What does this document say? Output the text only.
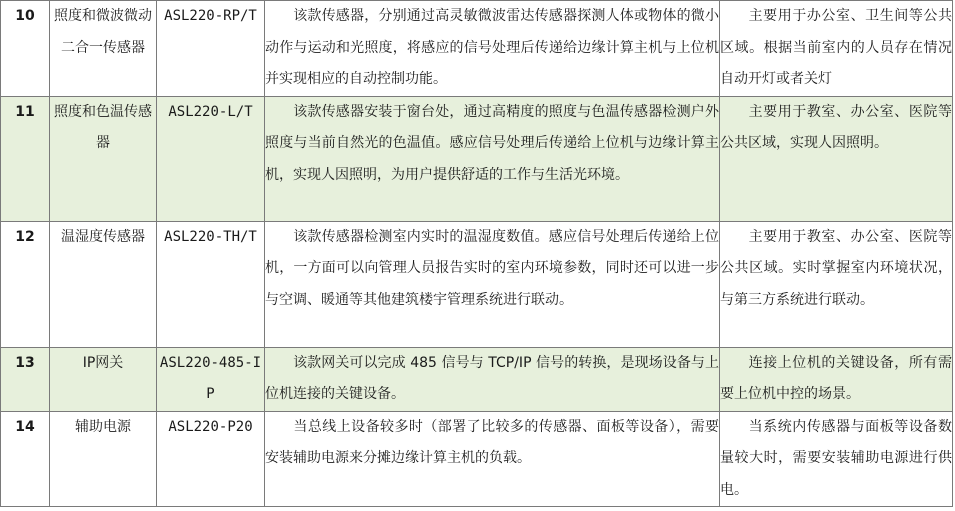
10	照度和微波微动二合一传感器	ASL220-RP/T	该款传感器，分别通过高灵敏微波雷达传感器探测人体或物体的微小动作与运动和光照度，将感应的信号处理后传递给边缘计算主机与上位机并实现相应的自动控制功能。	主要用于办公室、卫生间等公共区域。根据当前室内的人员存在情况自动开灯或者关灯
11	照度和色温传感器	ASL220-L/T	该款传感器安装于窗台处，通过高精度的照度与色温传感器检测户外照度与当前自然光的色温值。感应信号处理后传递给上位机与边缘计算主机，实现人因照明，为用户提供舒适的工作与生活光环境。	主要用于教室、办公室、医院等公共区域，实现人因照明。
12	温湿度传感器	ASL220-TH/T	该款传感器检测室内实时的温湿度数值。感应信号处理后传递给上位机，一方面可以向管理人员报告实时的室内环境参数，同时还可以进一步与空调、暖通等其他建筑楼宇管理系统进行联动。	主要用于教室、办公室、医院等公共区域。实时掌握室内环境状况，与第三方系统进行联动。
13	IP网关	ASL220-485-IP	该款网关可以完成 485 信号与 TCP/IP 信号的转换，是现场设备与上位机连接的关键设备。	连接上位机的关键设备，所有需要上位机中控的场景。
14	辅助电源	ASL220-P20	当总线上设备较多时（部署了比较多的传感器、面板等设备），需要安装辅助电源来分摊边缘计算主机的负载。	当系统内传感器与面板等设备数量较大时，需要安装辅助电源进行供电。
